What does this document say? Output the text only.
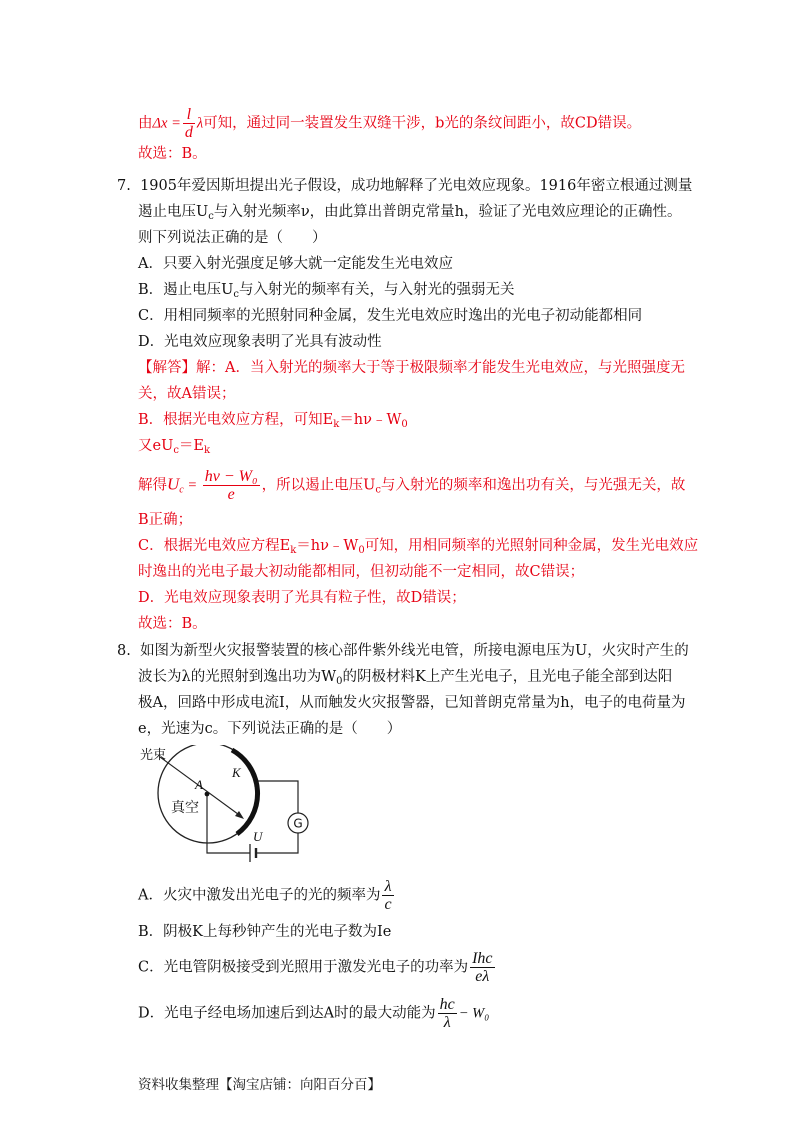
由$\Delta x = \frac{l}{d}$ λ可知，通过同一装置发生双缝干涉，b光的条纹间距小，故CD错误。
故选：B。
7. 1905年爱因斯坦提出光子假设，成功地解释了光电效应现象。1916年密立根通过测量
遏止电压$U_c$与入射光频率ν，由此算出普朗克常量h，验证了光电效应理论的正确性。
则下列说法正确的是（　　）
A．只要入射光强度足够大就一定能发生光电效应
B．遏止电压$U_c$与入射光的频率有关，与入射光的强弱无关
C．用相同频率的光照射同种金属，发生光电效应时逸出的光电子初动能都相同
D．光电效应现象表明了光具有波动性
【解答】解：A．当入射光的频率大于等于极限频率才能发生光电效应，与光照强度无
关，故A错误；
B．根据光电效应方程，可知$E_k=h\nu﹣W_0$
又$eU_c=E_k$
解得$U_c = \frac{\text{hν − W₀}}{e}$ ，所以遏止电压$U_c$与入射光的频率和逸出功有关，与光强无关，故
B正确；
C．根据光电效应方程$E_k=h\nu﹣W_0$可知，用相同频率的光照射同种金属，发生光电效应
时逸出的光电子最大初动能都相同，但初动能不一定相同，故C错误；
D．光电效应现象表明了光具有粒子性，故D错误；
故选：B。
8. 如图为新型火灾报警装置的核心部件紫外线光电管，所接电源电压为U，火灾时产生的
波长为λ的光照射到逸出功为$W_0$的阴极材料K上产生光电子，且光电子能全部到达阳
极A，回路中形成电流I，从而触发火灾报警器，已知普朗克常量为h，电子的电荷量为
e，光速为c。下列说法正确的是（　　）
G
光束
A
K
真空
U
A．火灾中激发出光电子的光的频率为 $\frac{\lambda}{c}$
B．阴极K上每秒钟产生的光电子数为Ie
C．光电管阴极接受到光照用于激发光电子的功率为 $\frac{\text{Ihc}}{e\lambda}$
D．光电子经电场加速后到达A时的最大动能为 $\frac{hc}{\lambda} - W_0$
资料收集整理【淘宝店铺：向阳百分百】
